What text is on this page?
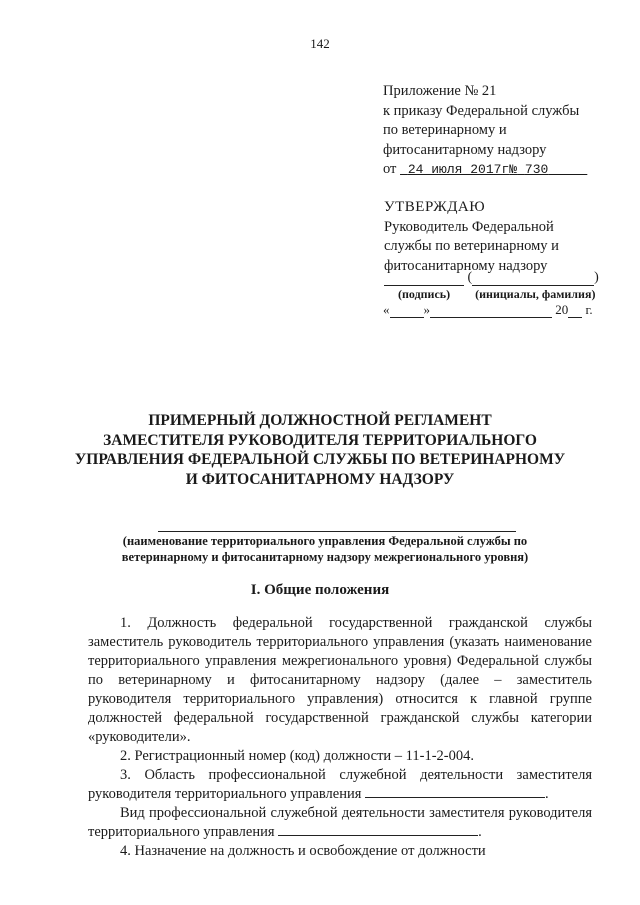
142
Приложение № 21
к приказу Федеральной службы
по ветеринарному и
фитосанитарному надзору
от 24 июля 2017г№ 730
УТВЕРЖДАЮ
Руководитель Федеральной
службы по ветеринарному и
фитосанитарному надзору
(	)
(подпись) (инициалы, фамилия)
«	»	20 г.
ПРИМЕРНЫЙ ДОЛЖНОСТНОЙ РЕГЛАМЕНТ
ЗАМЕСТИТЕЛЯ РУКОВОДИТЕЛЯ ТЕРРИТОРИАЛЬНОГО
УПРАВЛЕНИЯ ФЕДЕРАЛЬНОЙ СЛУЖБЫ ПО ВЕТЕРИНАРНОМУ
И ФИТОСАНИТАРНОМУ НАДЗОРУ
(наименование территориального управления Федеральной службы по
ветеринарному и фитосанитарному надзору межрегионального уровня)
I. Общие положения

1. Должность федеральной государственной гражданской службы заместитель руководитель территориального управления (указать наименование территориального управления межрегионального уровня) Федеральной службы по ветеринарному и фитосанитарному надзору (далее – заместитель руководителя территориального управления) относится к главной группе должностей федеральной государственной гражданской службы категории «руководители».

2. Регистрационный номер (код) должности – 11-1-2-004.

3. Область профессиональной служебной деятельности заместителя руководителя территориального управления	.

Вид профессиональной служебной деятельности заместителя руководителя территориального управления	.

4. Назначение на должность и освобождение от должности
